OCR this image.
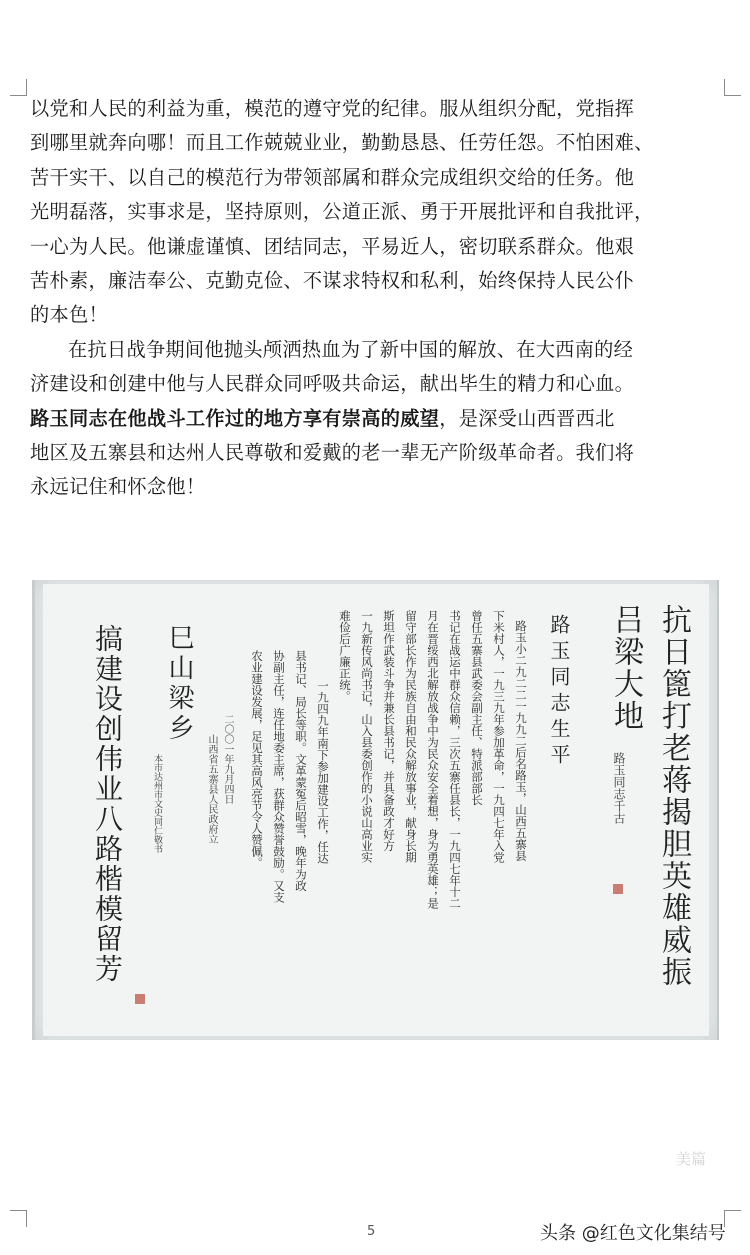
以党和人民的利益为重，模范的遵守党的纪律。服从组织分配，党指挥
到哪里就奔向哪！而且工作兢兢业业，勤勤恳恳、任劳任怨。不怕困难、
苦干实干、以自己的模范行为带领部属和群众完成组织交给的任务。他
光明磊落，实事求是，坚持原则，公道正派、勇于开展批评和自我批评，
一心为人民。他谦虚谨慎、团结同志，平易近人，密切联系群众。他艰
苦朴素，廉洁奉公、克勤克俭、不谋求特权和私利，始终保持人民公仆
的本色！

在抗日战争期间他抛头颅洒热血为了新中国的解放、在大西南的经
济建设和创建中他与人民群众同呼吸共命运，献出毕生的精力和心血。

路玉同志在他战斗工作过的地方享有崇高的威望，是深受山西晋西北
地区及五寨县和达州人民尊敬和爱戴的老一辈无产阶级革命者。我们将
永远记住和怀念他！

抗日篦打老蒋揭胆英雄威振
吕梁大地
路玉同志千古
路玉同志生平
路玉小二九二二一九九二后名路玉，山西五寨县
下米村人，一九三九年参加革命，一九四七年入党
曾任五寨县武委会副主任、特派部部长
书记在战运中群众信赖，三次五寨任县长，一九四七年十二
月在晋绥西北解放战争中为民众安全着想，身为勇英雄；是
留守部长作为民族自由和民众解放事业，献身长期
斯坦作武装斗争并兼长县书记，并具备政才好方
一九新传风尚书记，山入县委创作的小说山高业实
难俭后广廉正统。
一九四九年南下参加建设工作，任达
县书记、局长等职。文革蒙冤后昭雪，晚年为政
协副主任，连任地委主席，获群众赞誉鼓励。又支
农业建设发展，足见其高风亮节令人赞佩。
二〇〇一年九月四日
山西省五寨县人民政府立
巳山梁乡
本市达州市文史同仁敬书
搞建设创伟业八路楷模留芳
美篇
5	头条 @红色文化集结号
